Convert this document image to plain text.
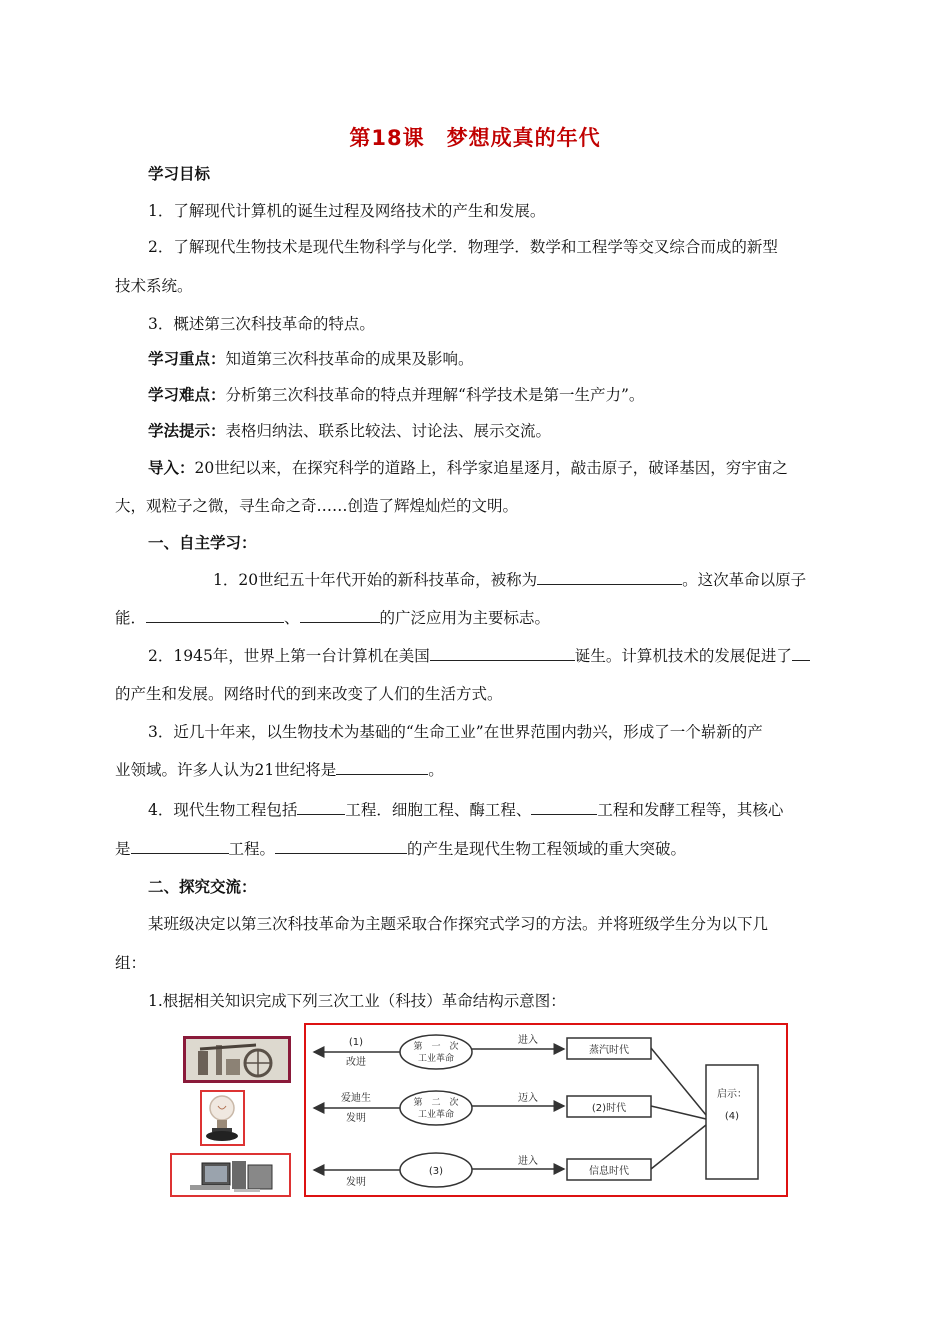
第18课　梦想成真的年代
学习目标
1．了解现代计算机的诞生过程及网络技术的产生和发展。
2．了解现代生物技术是现代生物科学与化学．物理学．数学和工程学等交叉综合而成的新型
技术系统。
3．概述第三次科技革命的特点。
学习重点：知道第三次科技革命的成果及影响。
学习难点：分析第三次科技革命的特点并理解“科学技术是第一生产力”。
学法提示：表格归纳法、联系比较法、讨论法、展示交流。
导入：20世纪以来，在探究科学的道路上，科学家追星逐月，敲击原子，破译基因，穷宇宙之
大，观粒子之微，寻生命之奇……创造了辉煌灿烂的文明。
一、自主学习：
1．20世纪五十年代开始的新科技革命，被称为	。这次革命以原子
能．	、	的广泛应用为主要标志。
2．1945年，世界上第一台计算机在美国	诞生。计算机技术的发展促进了
的产生和发展。网络时代的到来改变了人们的生活方式。
3．近几十年来，以生物技术为基础的“生命工业”在世界范围内勃兴，形成了一个崭新的产
业领域。许多人认为21世纪将是	。
4．现代生物工程包括	工程．细胞工程、酶工程、	工程和发酵工程等，其核心
是	工程。	的产生是现代生物工程领域的重大突破。
二、探究交流：
某班级决定以第三次科技革命为主题采取合作探究式学习的方法。并将班级学生分为以下几
组：
1.根据相关知识完成下列三次工业（科技）革命结构示意图：
(1)
改进
爱迪生
发明
发明
第　一　次
工业革命
第　二　次
工业革命
(3)
进入
迈入
进入
蒸汽时代
(2)时代
信息时代
启示：
(4)
